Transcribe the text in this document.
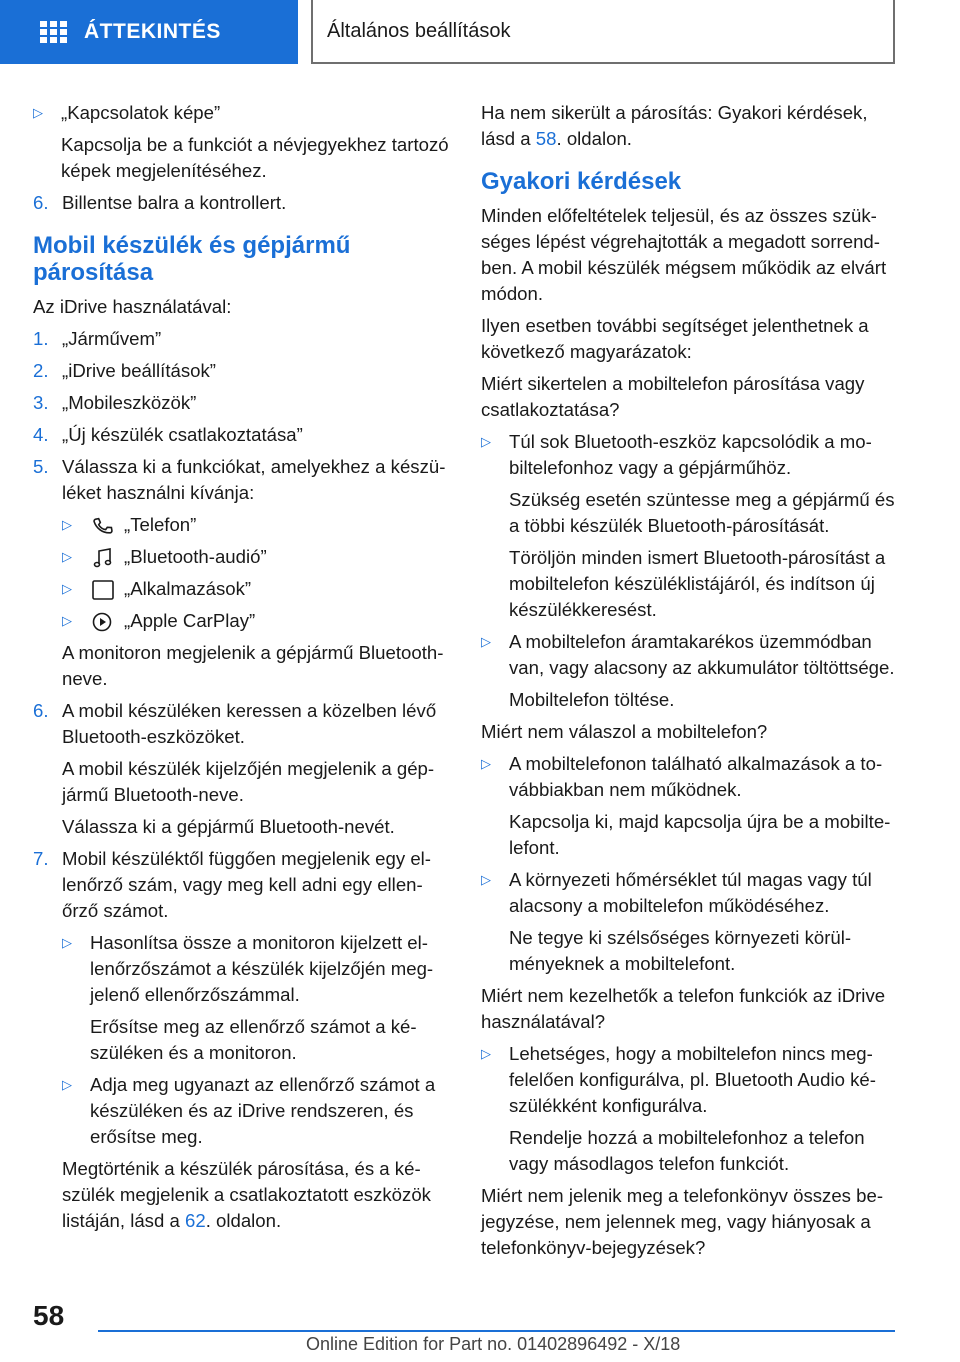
ÁTTEKINTÉS	Általános beállítások
▷ „Kapcsolatok képe”
Kapcsolja be a funkciót a névjegyekhez tartozó képek megjelenítéséhez.
6. Billentse balra a kontrollert.
Mobil készülék és gépjármű párosítása
Az iDrive használatával:
1. „Járművem”
2. „iDrive beállítások”
3. „Mobileszközök”
4. „Új készülék csatlakoztatása”
5. Válassza ki a funkciókat, amelyekhez a készüléket használni kívánja:
▷	„Telefon”
▷	„Bluetooth-audió”
▷	„Alkalmazások”
▷	„Apple CarPlay”
A monitoron megjelenik a gépjármű Bluetooth-neve.
6. A mobil készüléken keressen a közelben lévő Bluetooth-eszközöket.
A mobil készülék kijelzőjén megjelenik a gépjármű Bluetooth-neve.
Válassza ki a gépjármű Bluetooth-nevét.
7. Mobil készüléktől függően megjelenik egy ellenőrző szám, vagy meg kell adni egy ellenőrző számot.
▷ Hasonlítsa össze a monitoron kijelzett ellenőrzőszámot a készülék kijelzőjén megjelenő ellenőrzőszámmal.
Erősítse meg az ellenőrző számot a készüléken és a monitoron.
▷ Adja meg ugyanazt az ellenőrző számot a készüléken és az iDrive rendszeren, és erősítse meg.
Megtörténik a készülék párosítása, és a készülék megjelenik a csatlakoztatott eszközök listáján, lásd a 62. oldalon.
Ha nem sikerült a párosítás: Gyakori kérdések, lásd a 58. oldalon.
Gyakori kérdések
Minden előfeltételek teljesül, és az összes szükséges lépést végrehajtották a megadott sorrendben. A mobil készülék mégsem működik az elvárt módon.
Ilyen esetben további segítséget jelenthetnek a következő magyarázatok:
Miért sikertelen a mobiltelefon párosítása vagy csatlakoztatása?
▷ Túl sok Bluetooth-eszköz kapcsolódik a mobiltelefonhoz vagy a gépjárműhöz.
Szükség esetén szüntesse meg a gépjármű és a többi készülék Bluetooth-párosítását.
Töröljön minden ismert Bluetooth-párosítást a mobiltelefon készüléklistájáról, és indítson új készülékkeresést.
▷ A mobiltelefon áramtakarékos üzemmódban van, vagy alacsony az akkumulátor töltöttsége.
Mobiltelefon töltése.
Miért nem válaszol a mobiltelefon?
▷ A mobiltelefonon található alkalmazások a továbbiakban nem működnek.
Kapcsolja ki, majd kapcsolja újra be a mobiltelefont.
▷ A környezeti hőmérséklet túl magas vagy túl alacsony a mobiltelefon működéséhez.
Ne tegye ki szélsőséges környezeti körülményeknek a mobiltelefont.
Miért nem kezelhetők a telefon funkciók az iDrive használatával?
▷ Lehetséges, hogy a mobiltelefon nincs megfelelően konfigurálva, pl. Bluetooth Audio készülékként konfigurálva.
Rendelje hozzá a mobiltelefonhoz a telefon vagy másodlagos telefon funkciót.
Miért nem jelenik meg a telefonkönyv összes bejegyzése, nem jelennek meg, vagy hiányosak a telefonkönyv-bejegyzések?
58
Online Edition for Part no. 01402896492 - X/18
